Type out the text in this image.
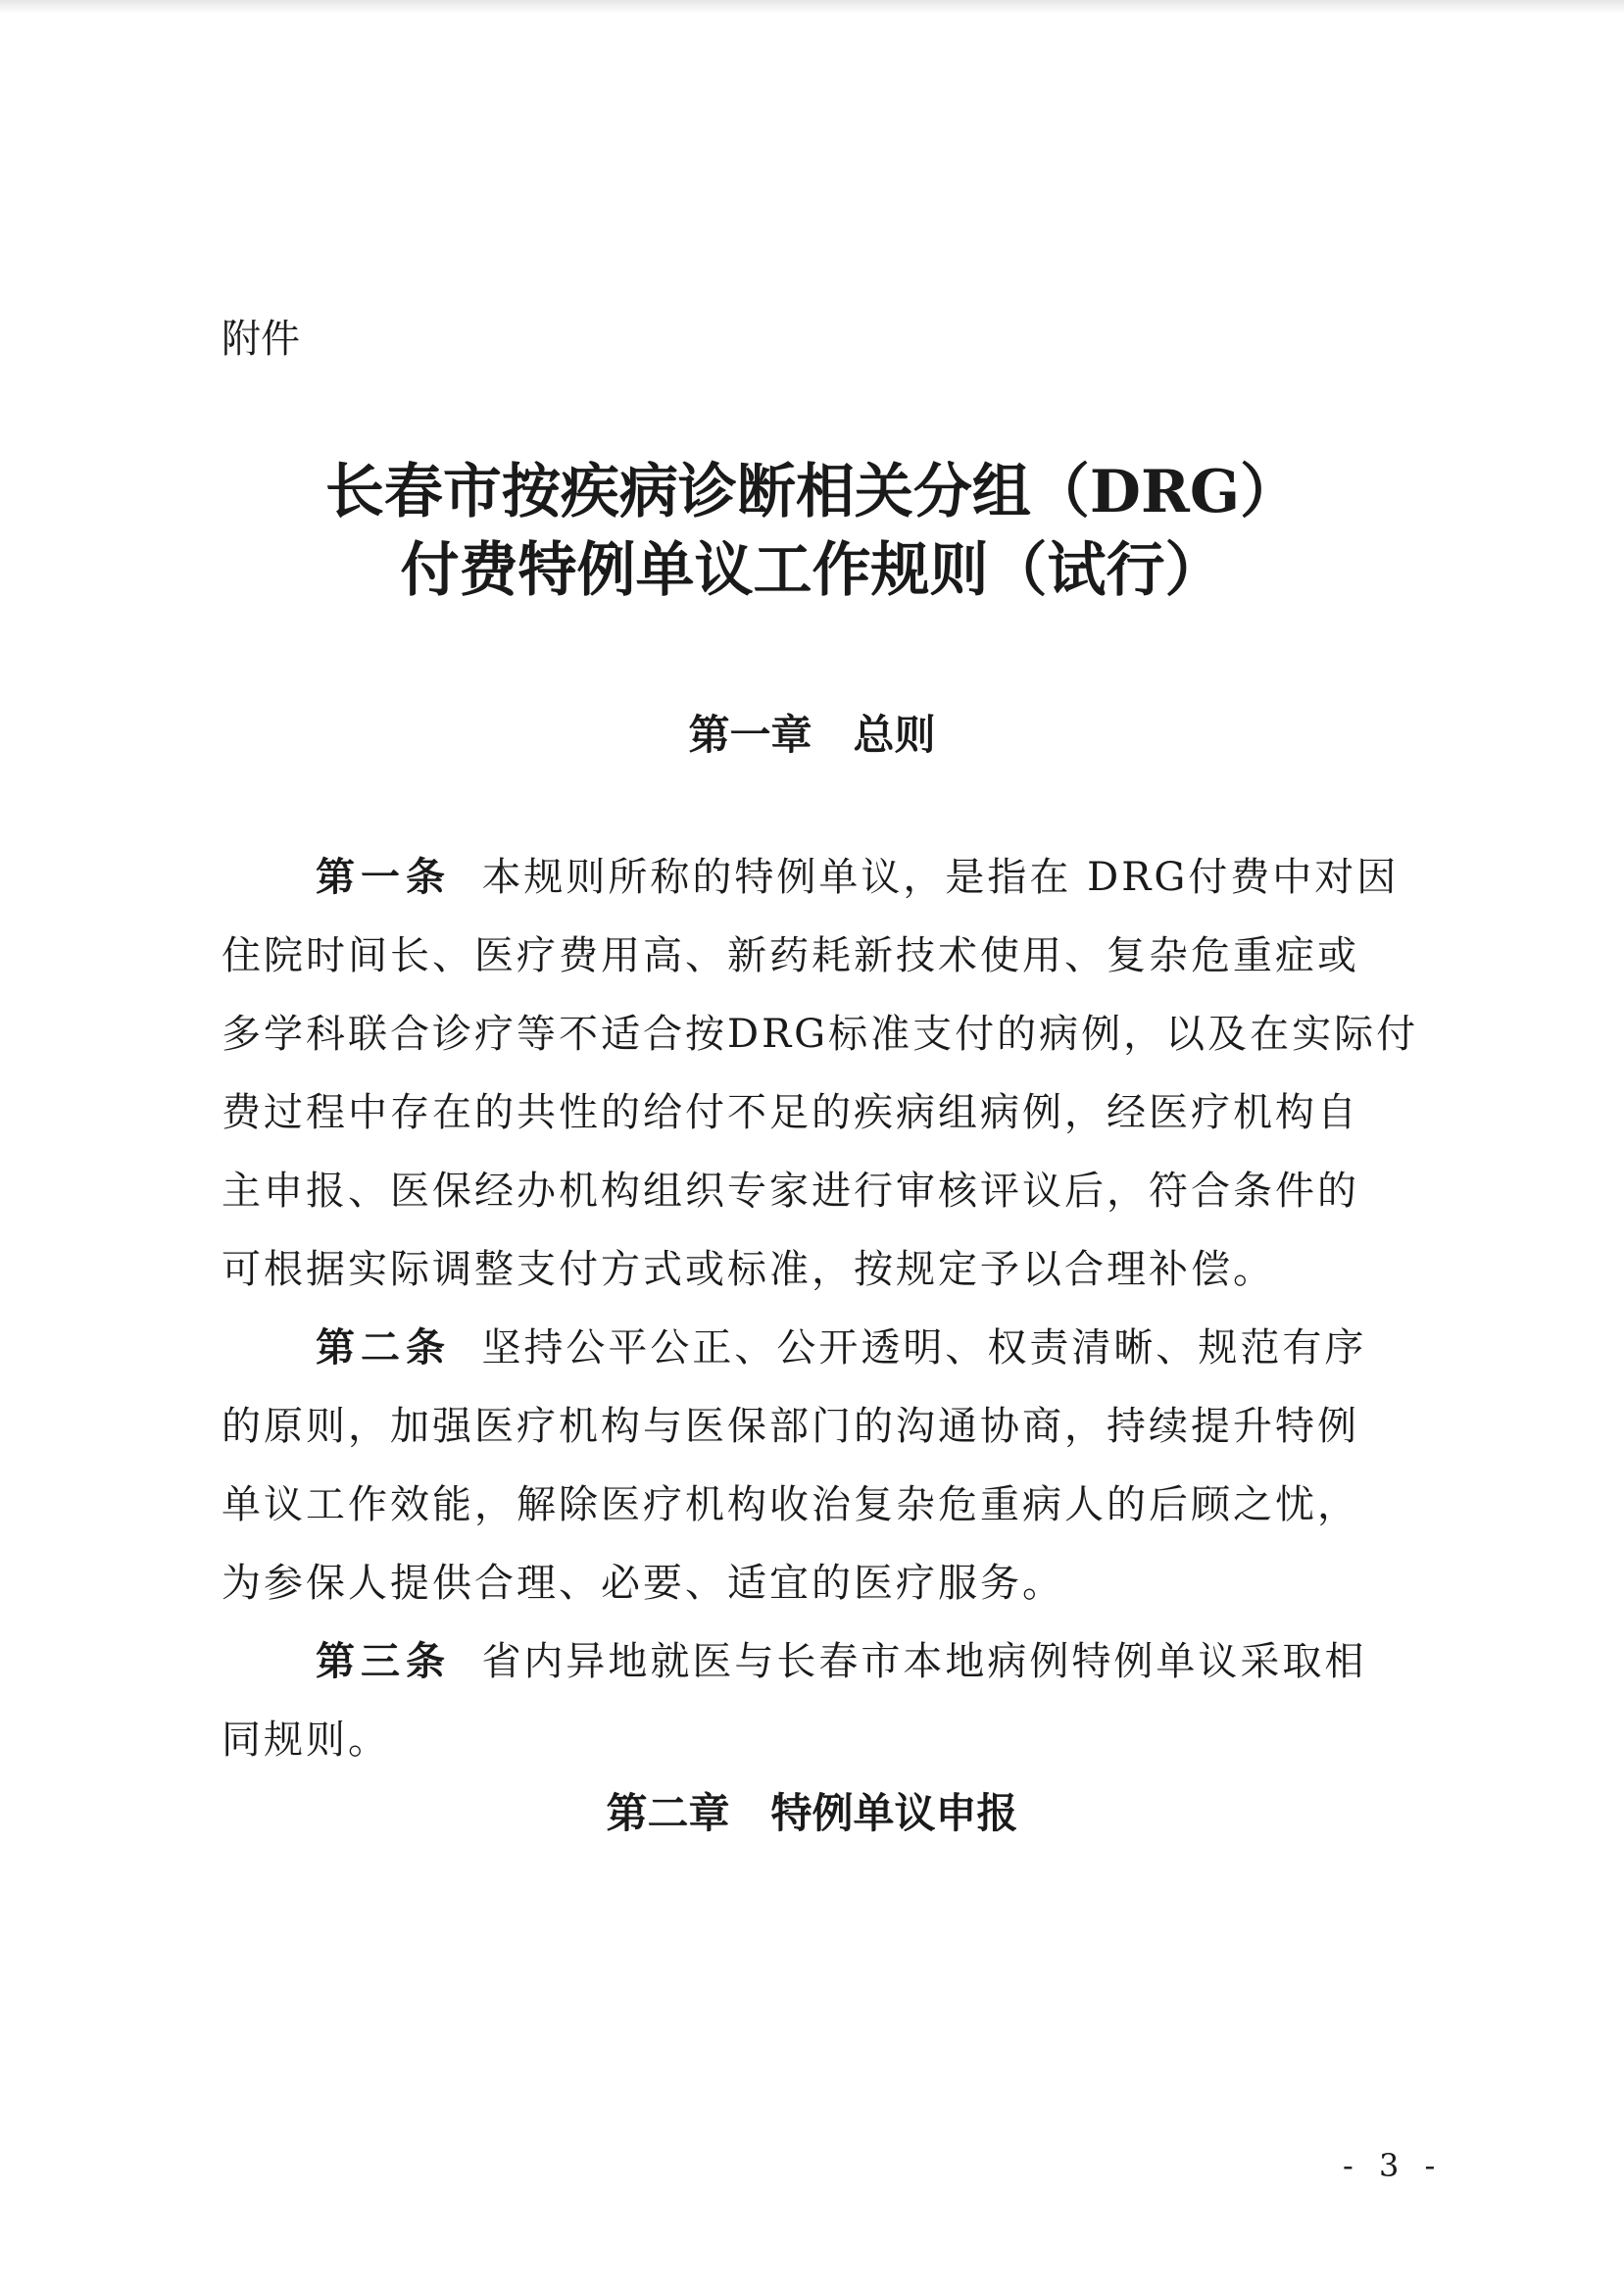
附件
长春市按疾病诊断相关分组（DRG）
付费特例单议工作规则（试行）
第一章　总则
第一条 本规则所称的特例单议，是指在 DRG付费中对因
住院时间长、医疗费用高、新药耗新技术使用、复杂危重症或
多学科联合诊疗等不适合按DRG标准支付的病例，以及在实际付
费过程中存在的共性的给付不足的疾病组病例，经医疗机构自
主申报、医保经办机构组织专家进行审核评议后，符合条件的
可根据实际调整支付方式或标准，按规定予以合理补偿。
第二条 坚持公平公正、公开透明、权责清晰、规范有序
的原则，加强医疗机构与医保部门的沟通协商，持续提升特例
单议工作效能，解除医疗机构收治复杂危重病人的后顾之忧，
为参保人提供合理、必要、适宜的医疗服务。
第三条 省内异地就医与长春市本地病例特例单议采取相
同规则。
第二章　特例单议申报
- 3 -
